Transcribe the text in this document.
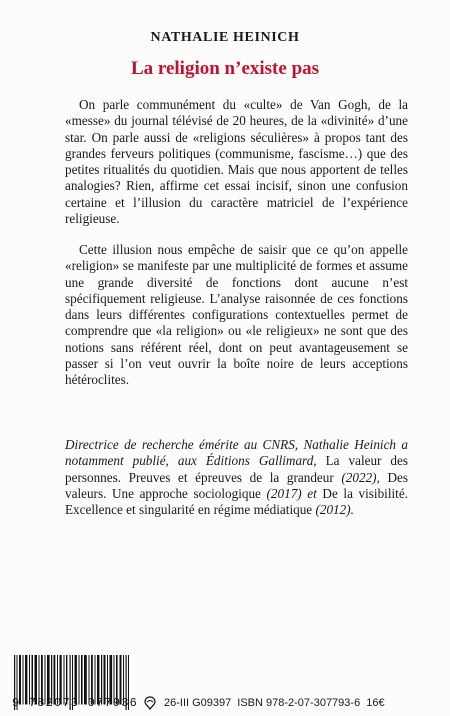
NATHALIE HEINICH
La religion n’existe pas
On parle communément du «culte» de Van Gogh, de la «messe» du journal télévisé de 20 heures, de la «divinité» d’une star. On parle aussi de «religions séculières» à propos tant des grandes ferveurs politiques (communisme, fascisme…) que des petites ritualités du quotidien. Mais que nous apportent de telles analogies? Rien, affirme cet essai incisif, sinon une confusion certaine et l’illusion du caractère matriciel de l’expérience religieuse.
Cette illusion nous empêche de saisir que ce qu’on appelle «religion» se manifeste par une multiplicité de formes et assume une grande diversité de fonctions dont aucune n’est spécifiquement religieuse. L’analyse raisonnée de ces fonctions dans leurs différentes configurations contextuelles permet de comprendre que «la religion» ou «le religieux» ne sont que des notions sans référent réel, dont on peut avantageusement se passer si l’on veut ouvrir la boîte noire de leurs acceptions hétéroclites.
Directrice de recherche émérite au CNRS, Nathalie Heinich a notamment publié, aux Éditions Gallimard, La valeur des personnes. Preuves et épreuves de la grandeur (2022), Des valeurs. Une approche sociologique (2017) et De la visibilité. Excellence et singularité en régime médiatique (2012).
9 782073 077936 26-III G09397 ISBN 978-2-07-307793-6 16€
